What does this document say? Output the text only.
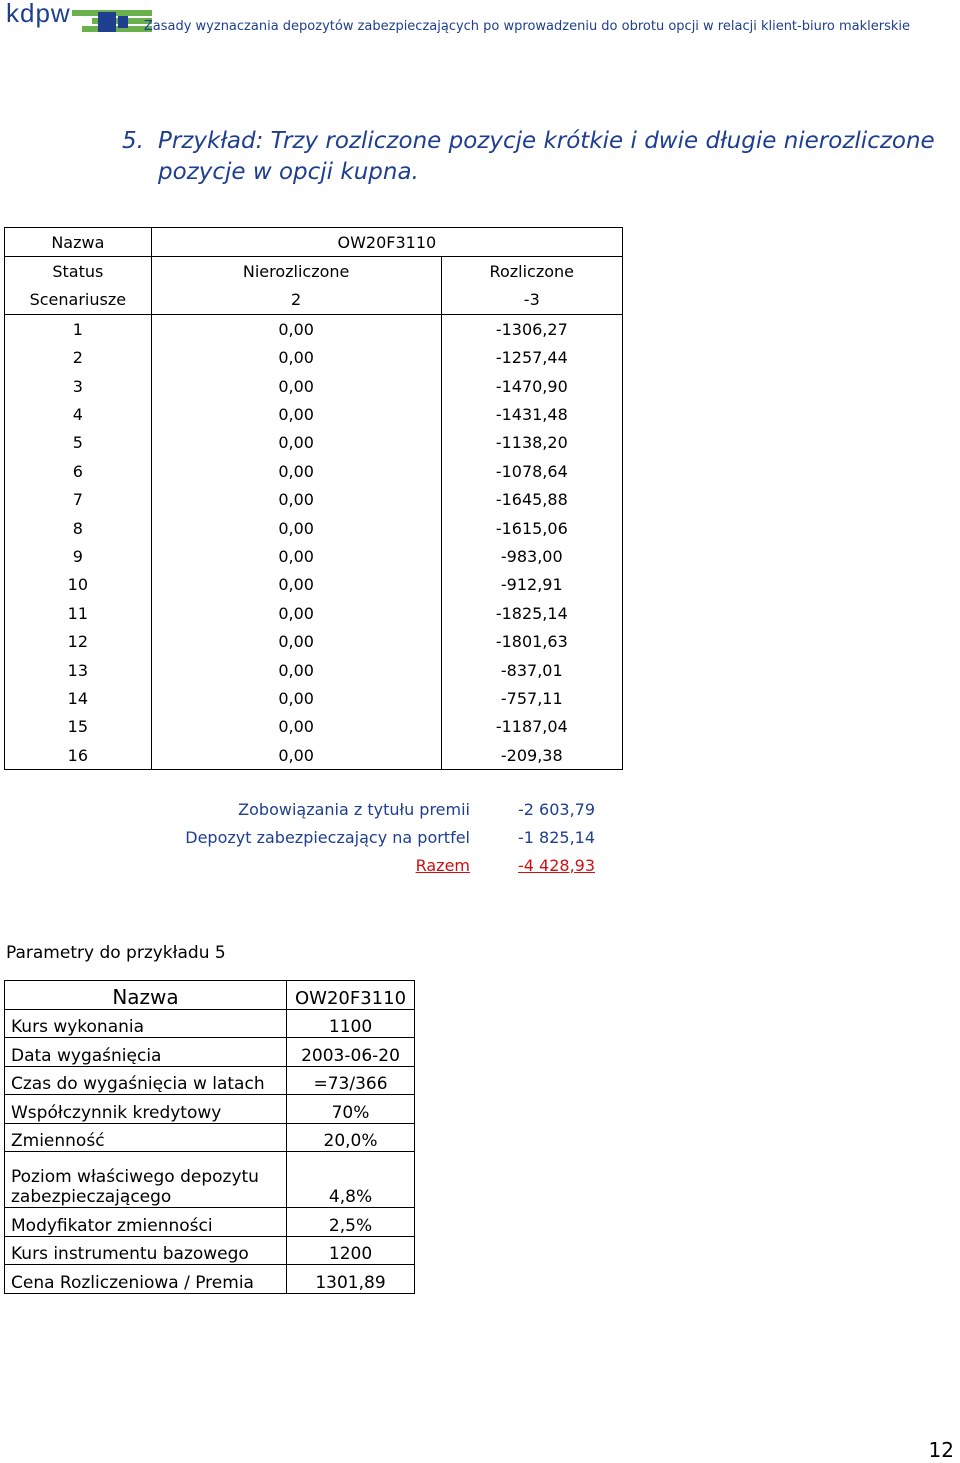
kdpw	Zasady wyznaczania depozytów zabezpieczających po wprowadzeniu do obrotu opcji w relacji klient-biuro maklerskie
5. Przykład: Trzy rozliczone pozycje krótkie i dwie długie nierozliczone pozycje w opcji kupna.
Nazwa	OW20F3110	
Status	Nierozliczone	Rozliczone
Scenariusze	2	-3
1	0,00	-1306,27
2	0,00	-1257,44
3	0,00	-1470,90
4	0,00	-1431,48
5	0,00	-1138,20
6	0,00	-1078,64
7	0,00	-1645,88
8	0,00	-1615,06
9	0,00	-983,00
10	0,00	-912,91
11	0,00	-1825,14
12	0,00	-1801,63
13	0,00	-837,01
14	0,00	-757,11
15	0,00	-1187,04
16	0,00	-209,38
Zobowiązania z tytułu premii	-2 603,79
Depozyt zabezpieczający na portfel	-1 825,14
Razem	-4 428,93
Parametry do przykładu 5
Nazwa	OW20F3110
Kurs wykonania	1100
Data wygaśnięcia	2003-06-20
Czas do wygaśnięcia w latach	=73/366
Współczynnik kredytowy	70%
Zmienność	20,0%
Poziom właściwego depozytu zabezpieczającego	4,8%
Modyfikator zmienności	2,5%
Kurs instrumentu bazowego	1200
Cena Rozliczeniowa / Premia	1301,89
12
